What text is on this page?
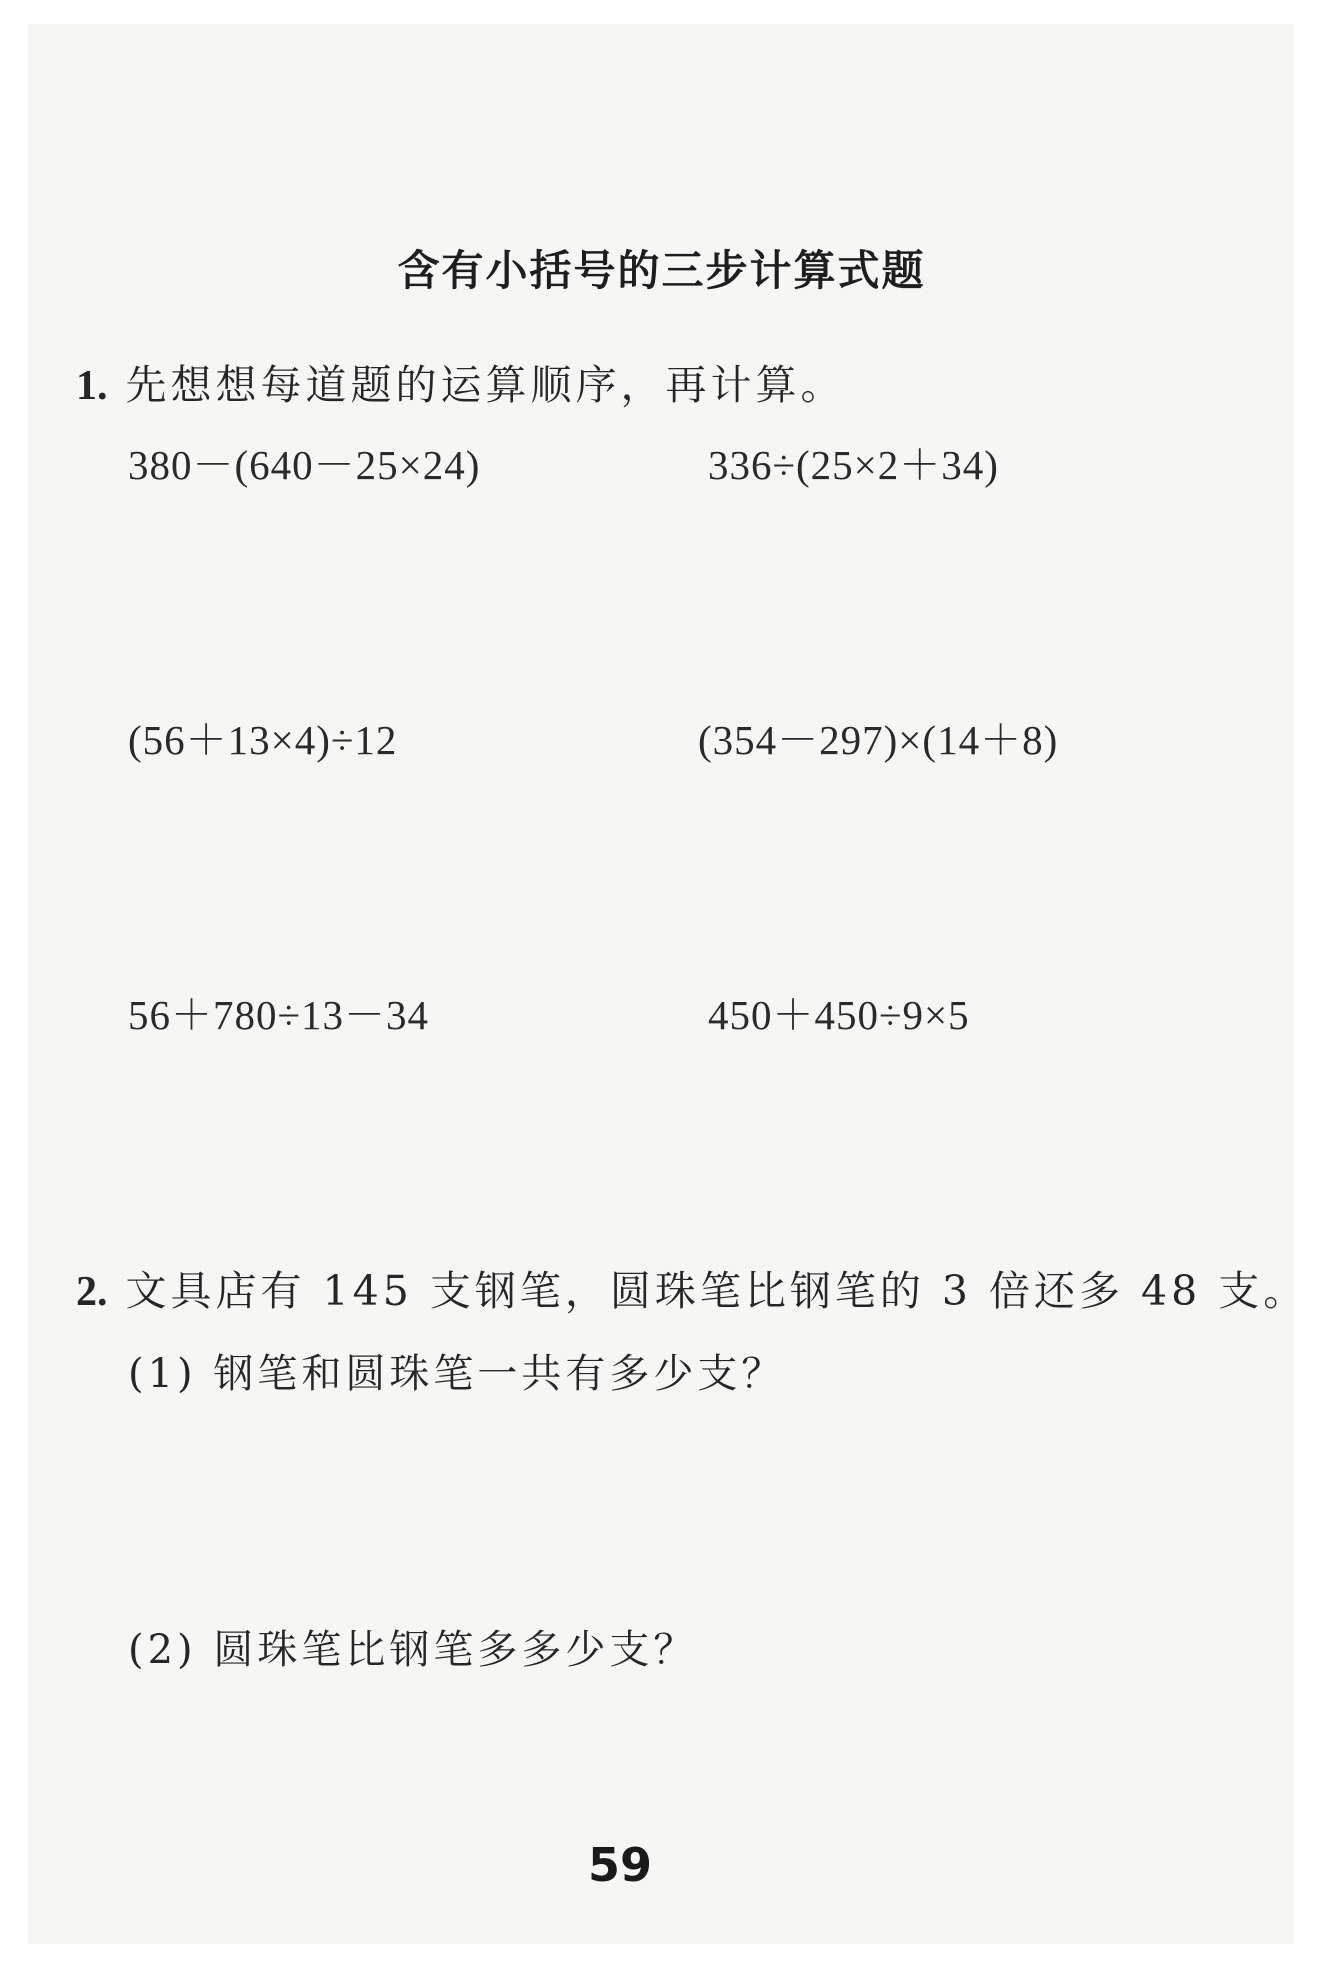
含有小括号的三步计算式题
1. 先想想每道题的运算顺序，再计算。
380－(640－25×24)	336÷(25×2＋34)
(56＋13×4)÷12	(354－297)×(14＋8)
56＋780÷13－34	450＋450÷9×5
2. 文具店有 145 支钢笔，圆珠笔比钢笔的 3 倍还多 48 支。
(1) 钢笔和圆珠笔一共有多少支？
(2) 圆珠笔比钢笔多多少支？
59
